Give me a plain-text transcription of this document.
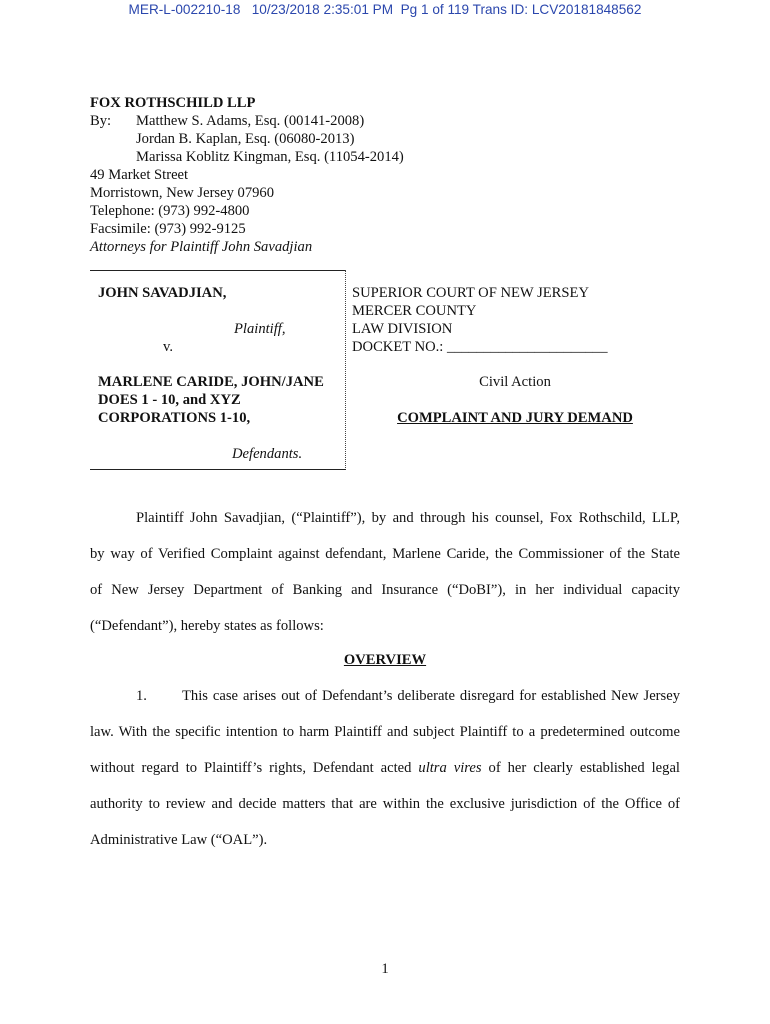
MER-L-002210-18   10/23/2018 2:35:01 PM  Pg 1 of 119 Trans ID: LCV20181848562
FOX ROTHSCHILD LLP
By: Matthew S. Adams, Esq. (00141-2008)
Jordan B. Kaplan, Esq. (06080-2013)
Marissa Koblitz Kingman, Esq. (11054-2014)
49 Market Street
Morristown, New Jersey 07960
Telephone: (973) 992-4800
Facsimile: (973) 992-9125
Attorneys for Plaintiff John Savadjian
JOHN SAVADJIAN,
Plaintiff,
v.
MARLENE CARIDE, JOHN/JANE
DOES 1 - 10, and XYZ
CORPORATIONS 1-10,
Defendants.
SUPERIOR COURT OF NEW JERSEY
MERCER COUNTY
LAW DIVISION
DOCKET NO.: ______________________
Civil Action
COMPLAINT AND JURY DEMAND
Plaintiff John Savadjian, (“Plaintiff”), by and through his counsel, Fox Rothschild, LLP,
by way of Verified Complaint against defendant, Marlene Caride, the Commissioner of the State
of New Jersey Department of Banking and Insurance (“DoBI”), in her individual capacity
(“Defendant”), hereby states as follows:
OVERVIEW
1. This case arises out of Defendant’s deliberate disregard for established New Jersey
law. With the specific intention to harm Plaintiff and subject Plaintiff to a predetermined outcome
without regard to Plaintiff’s rights, Defendant acted ultra vires of her clearly established legal
authority to review and decide matters that are within the exclusive jurisdiction of the Office of
Administrative Law (“OAL”).
1
